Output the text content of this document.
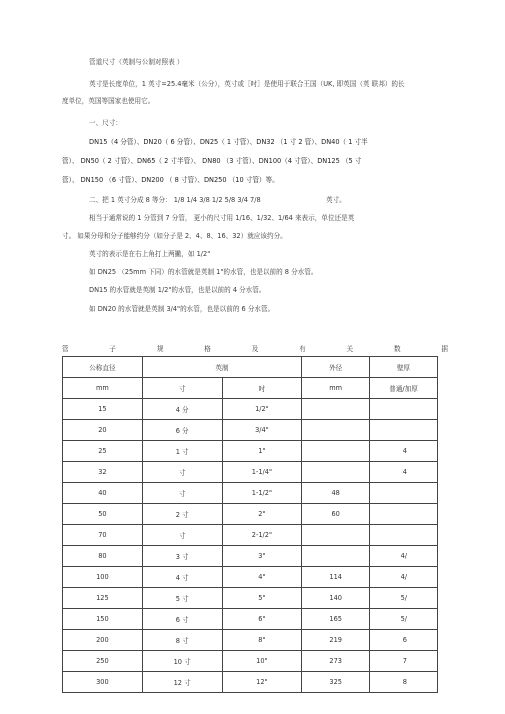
管道尺寸（英制与公制对照表 ）
英寸是长度单位，1 英寸=25.4毫米（公分），英寸或［吋］是使用于联合王国（UK, 即英国（英 联邦）的长
度单位，英国等国家也使用它。
一、尺寸：
DN15（4 分管）、DN20（ 6 分管）、DN25（ 1 寸管）、DN32 （1 寸 2 管）、DN40（ 1 寸半
管）、 DN50（ 2 寸管）、DN65（ 2 寸半管）、 DN80 （3 寸管）、DN100（4 寸管）、DN125 （5 寸
管）、 DN150 （6 寸管）、DN200 （ 8 寸管）、DN250 （10 寸管）等。
二、把 1 英寸分成 8 等分： 1/8 1/4 3/8 1/2 5/8 3/4 7/8	英寸。
相当于通常说的 1 分管到 7 分管， 更小的尺寸用 1/16、1/32、1/64 来表示，单位还是英
寸。 如果分母和分子能够约分（如分子是 2、4、8、16、32）就应该约分。
英寸的表示是在右上角打上两撇，如 1/2"
如 DN25 （25mm 下同）的水管就是英制 1"的水管，也是以前的 8 分水管。
DN15 的水管就是英制 1/2"的水管，也是以前的 4 分水管。
如 DN20 的水管就是英制 3/4"的水管，也是以前的 6 分水管。
管	子	规	格	及	有	关	数	据
公称直径	英制		外径	壁厚
mm	寸	吋	mm	普通/加厚
15	4 分	1/2"		
20	6 分	3/4"		
25	1 寸	1"		4
32	寸	1-1/4"		4
40	寸	1-1/2"	48	
50	2 寸	2"	60	
70	寸	2-1/2"		
80	3 寸	3"		4/
100	4 寸	4"	114	4/
125	5 寸	5"	140	5/
150	6 寸	6"	165	5/
200	8 寸	8"	219	6
250	10 寸	10"	273	7
300	12 寸	12"	325	8
